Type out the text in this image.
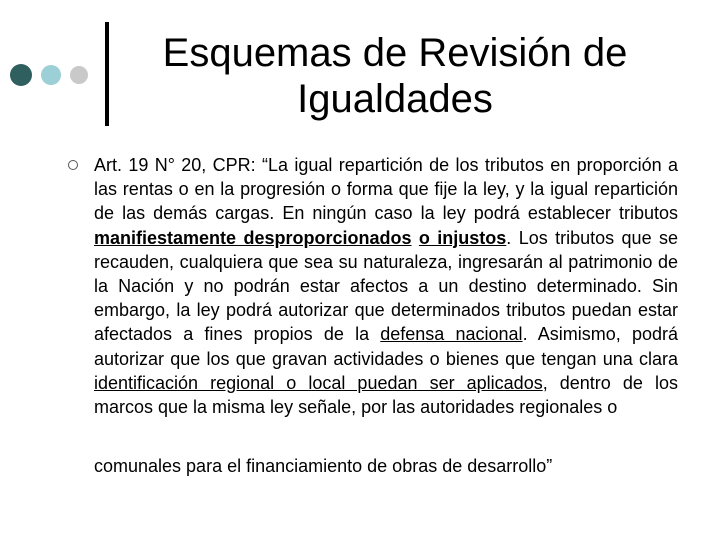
Esquemas de Revisión de Igualdades

Art. 19 N° 20, CPR: “La igual repartición de los tributos en proporción a las rentas o en la progresión o forma que fije la ley, y la igual repartición de las demás cargas. En ningún caso la ley podrá establecer tributos manifiestamente desproporcionados o injustos. Los tributos que se recauden, cualquiera que sea su naturaleza, ingresarán al patrimonio de la Nación y no podrán estar afectos a un destino determinado. Sin embargo, la ley podrá autorizar que determinados tributos puedan estar afectados a fines propios de la defensa nacional. Asimismo, podrá autorizar que los que gravan actividades o bienes que tengan una clara identificación regional o local puedan ser aplicados, dentro de los marcos que la misma ley señale, por las autoridades regionales o

comunales para el financiamiento de obras de desarrollo”
